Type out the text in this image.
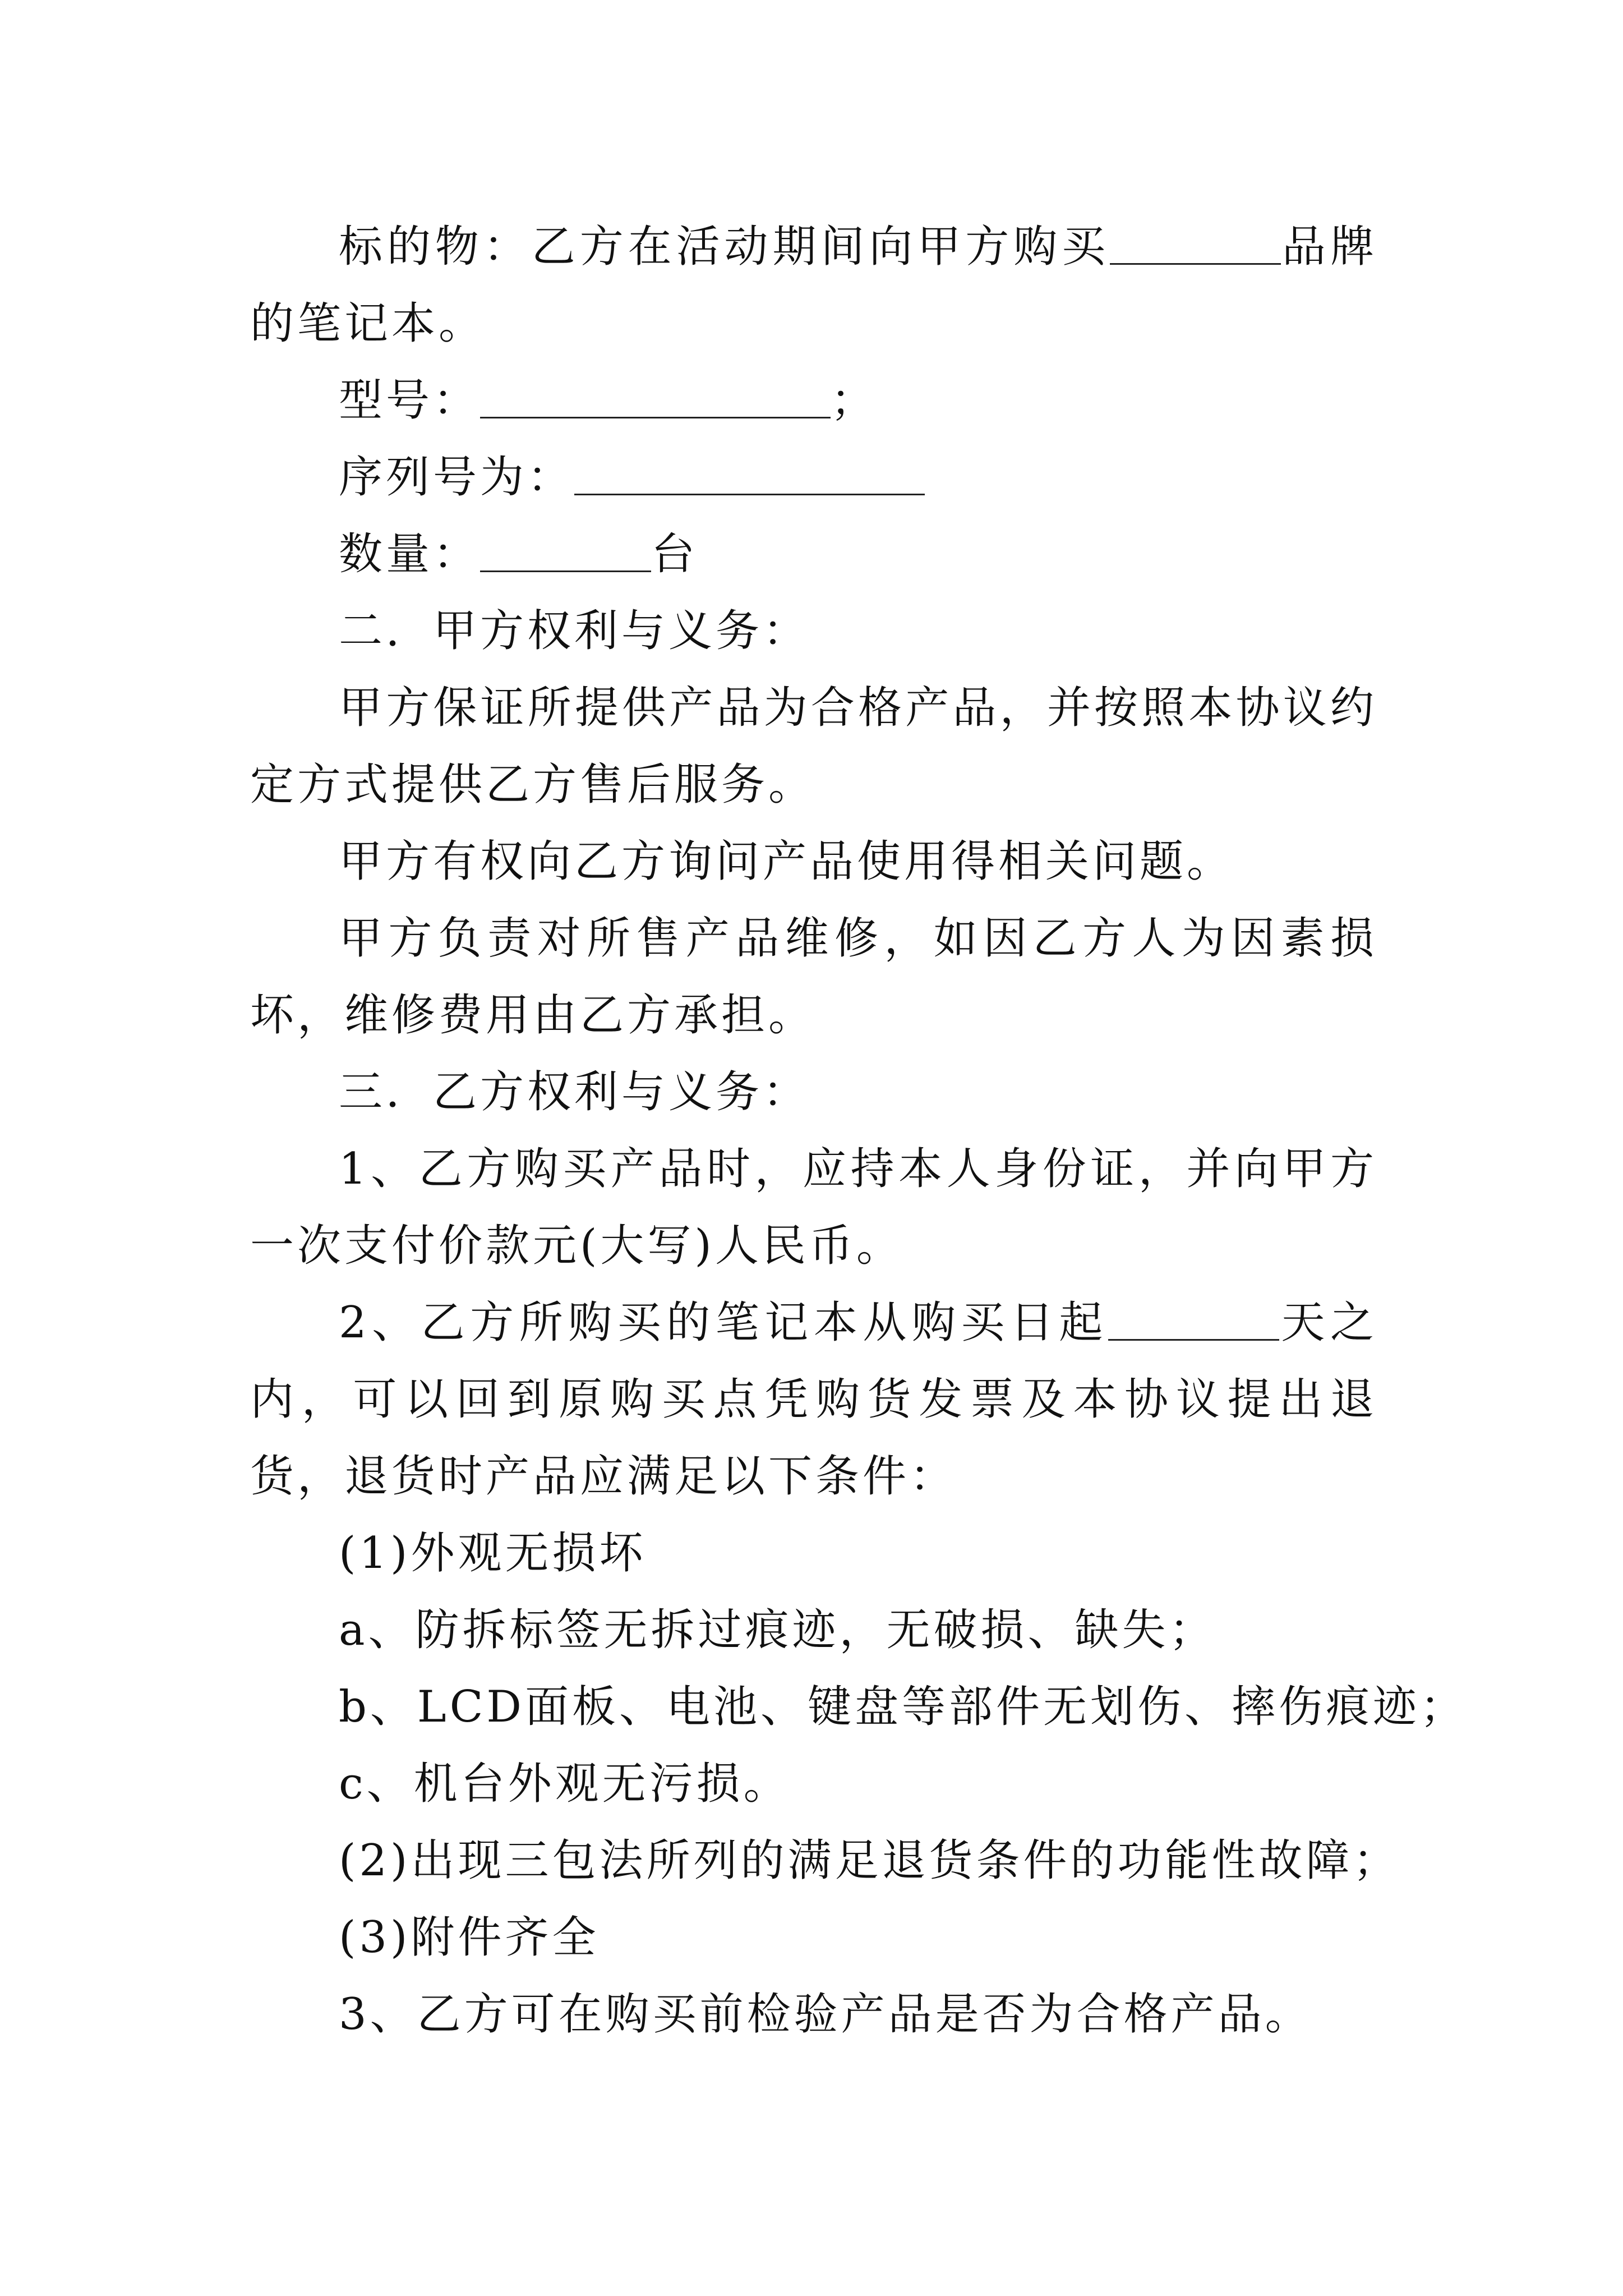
标的物：乙方在活动期间向甲方购买	品牌的笔记本。

型号：	；

序列号为：

数量：	台

二．甲方权利与义务：

甲方保证所提供产品为合格产品，并按照本协议约定方式提供乙方售后服务。

甲方有权向乙方询问产品使用得相关问题。

甲方负责对所售产品维修，如因乙方人为因素损坏，维修费用由乙方承担。

三．乙方权利与义务：

1、乙方购买产品时，应持本人身份证，并向甲方一次支付价款元(大写)人民币。

2、乙方所购买的笔记本从购买日起	天之内，可以回到原购买点凭购货发票及本协议提出退货，退货时产品应满足以下条件：

(1)外观无损坏

a、防拆标签无拆过痕迹，无破损、缺失；

b、LCD面板、电池、键盘等部件无划伤、摔伤痕迹；

c、机台外观无污损。

(2)出现三包法所列的满足退货条件的功能性故障；

(3)附件齐全

3、乙方可在购买前检验产品是否为合格产品。
